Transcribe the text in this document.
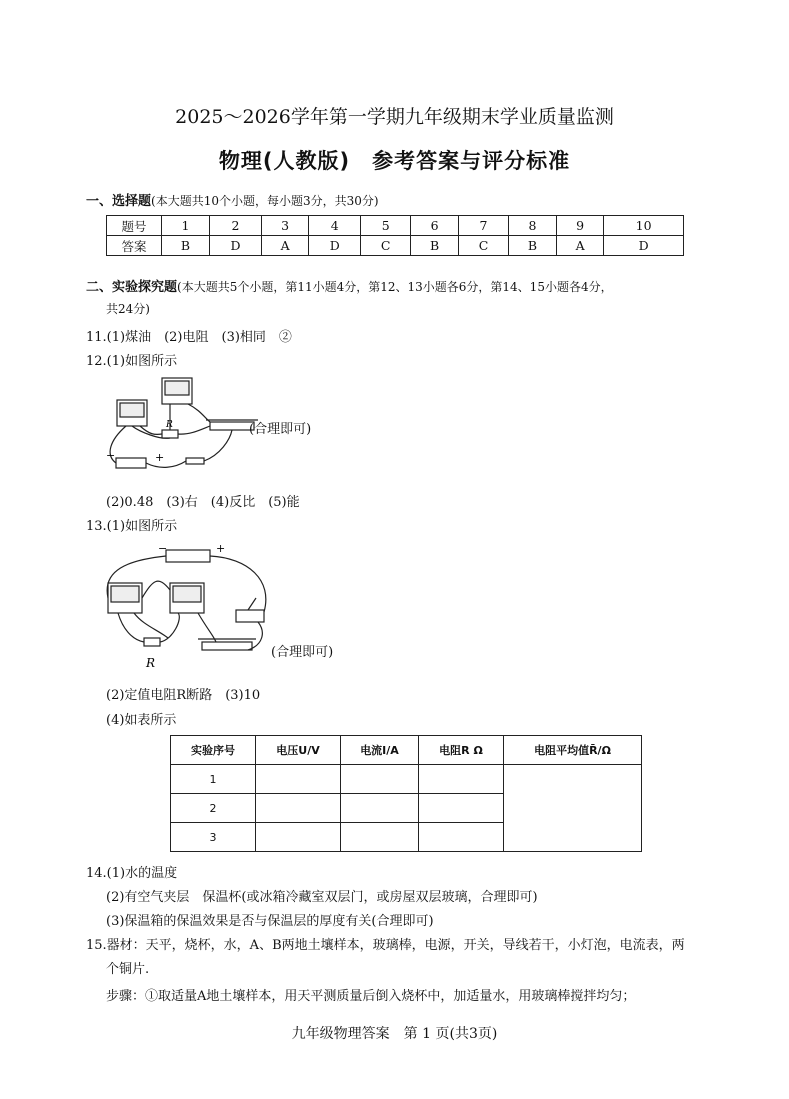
2025～2026学年第一学期九年级期末学业质量监测
物理(人教版)　参考答案与评分标准
一、选择题(本大题共10个小题，每小题3分，共30分)
题号	1	2	3	4	5	6	7	8	9	10
答案	B	D	A	D	C	B	C	B	A	D
二、实验探究题(本大题共5个小题，第11小题4分，第12、13小题各6分，第14、15小题各4分，
共24分)
11.(1)煤油　(2)电阻　(3)相同　②
12.(1)如图所示
−	+
R	(合理即可)
(2)0.48　(3)右　(4)反比　(5)能
13.(1)如图所示
−	+
R
(合理即可)
(2)定值电阻R断路　(3)10
(4)如表所示
实验序号	电压U/V	电流I/A	电阻R Ω	电阻平均值R̄/Ω
1				
2				
3				
14.(1)水的温度
(2)有空气夹层　保温杯(或冰箱冷藏室双层门，或房屋双层玻璃，合理即可)
(3)保温箱的保温效果是否与保温层的厚度有关(合理即可)
15.器材：天平，烧杯，水，A、B两地土壤样本，玻璃棒，电源，开关，导线若干，小灯泡，电流表，两
个铜片.
步骤：①取适量A地土壤样本，用天平测质量后倒入烧杯中，加适量水，用玻璃棒搅拌均匀；
九年级物理答案　第 1 页(共3页)
